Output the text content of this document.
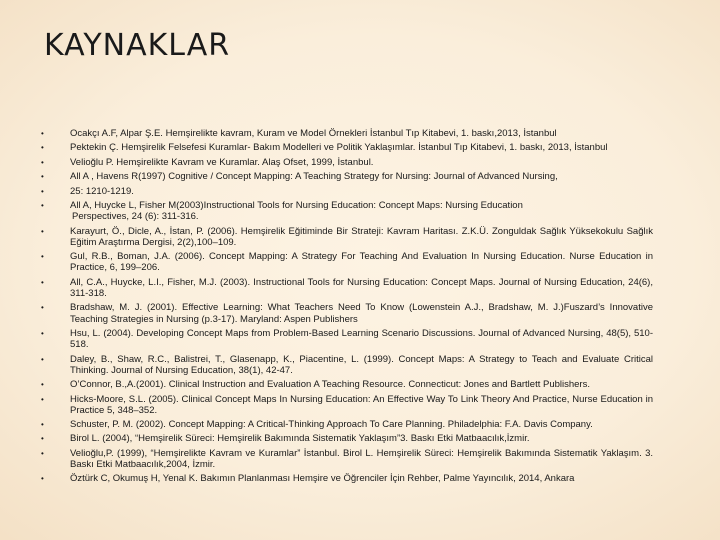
KAYNAKLAR
• Ocakçı A.F, Alpar Ş.E. Hemşirelikte kavram, Kuram ve Model Örnekleri İstanbul Tıp Kitabevi, 1. baskı,2013, İstanbul
• Pektekin Ç. Hemşirelik Felsefesi Kuramlar- Bakım Modelleri ve Politik Yaklaşımlar. İstanbul Tıp Kitabevi, 1. baskı, 2013, İstanbul
• Velioğlu P. Hemşirelikte Kavram ve Kuramlar. Alaş Ofset, 1999, İstanbul.
• All A , Havens R(1997) Cognitive / Concept Mapping: A Teaching Strategy for Nursing: Journal of Advanced Nursing,
• 25: 1210-1219.
• All A, Huycke L, Fisher M(2003)Instructional Tools for Nursing Education: Concept Maps: Nursing Education
Perspectives, 24 (6): 311-316.
• Karayurt, Ö., Dicle, A., İstan, P. (2006). Hemşirelik Eğitiminde Bir Strateji: Kavram Haritası. Z.K.Ü. Zonguldak Sağlık Yüksekokulu Sağlık Eğitim Araştırma Dergisi, 2(2),100–109.
• Gul, R.B., Boman, J.A. (2006). Concept Mapping: A Strategy For Teaching And Evaluation In Nursing Education. Nurse Education in Practice, 6, 199–206.
• All, C.A., Huycke, L.I., Fisher, M.J. (2003). Instructional Tools for Nursing Education: Concept Maps. Journal of Nursing Education, 24(6), 311-318.
• Bradshaw, M. J. (2001). Effective Learning: What Teachers Need To Know (Lowenstein A.J., Bradshaw, M. J.)Fuszard’s Innovative Teaching Strategies in Nursing (p.3-17). Maryland: Aspen Publishers
• Hsu, L. (2004). Developing Concept Maps from Problem-Based Learning Scenario Discussions. Journal of Advanced Nursing, 48(5), 510-518.
• Daley, B., Shaw, R.C., Balistrei, T., Glasenapp, K., Piacentine, L. (1999). Concept Maps: A Strategy to Teach and Evaluate Critical Thinking. Journal of Nursing Education, 38(1), 42-47.
• O’Connor, B.,A.(2001). Clinical Instruction and Evaluation A Teaching Resource. Connecticut: Jones and Bartlett Publishers.
• Hicks-Moore, S.L. (2005). Clinical Concept Maps In Nursing Education: An Effective Way To Link Theory And Practice, Nurse Education in Practice 5, 348–352.
• Schuster, P. M. (2002). Concept Mapping: A Critical-Thinking Approach To Care Planning. Philadelphia: F.A. Davis Company.
• Birol L. (2004), “Hemşirelik Süreci: Hemşirelik Bakımında Sistematik Yaklaşım”3. Baskı Etki Matbaacılık,İzmir.
• Velioğlu,P. (1999), “Hemşirelikte Kavram ve Kuramlar” İstanbul. Birol L. Hemşirelik Süreci: Hemşirelik Bakımında Sistematik Yaklaşım. 3. Baskı Etki Matbaacılık,2004, İzmir.
• Öztürk C, Okumuş H, Yenal K. Bakımın Planlanması Hemşire ve Öğrenciler İçin Rehber, Palme Yayıncılık, 2014, Ankara
